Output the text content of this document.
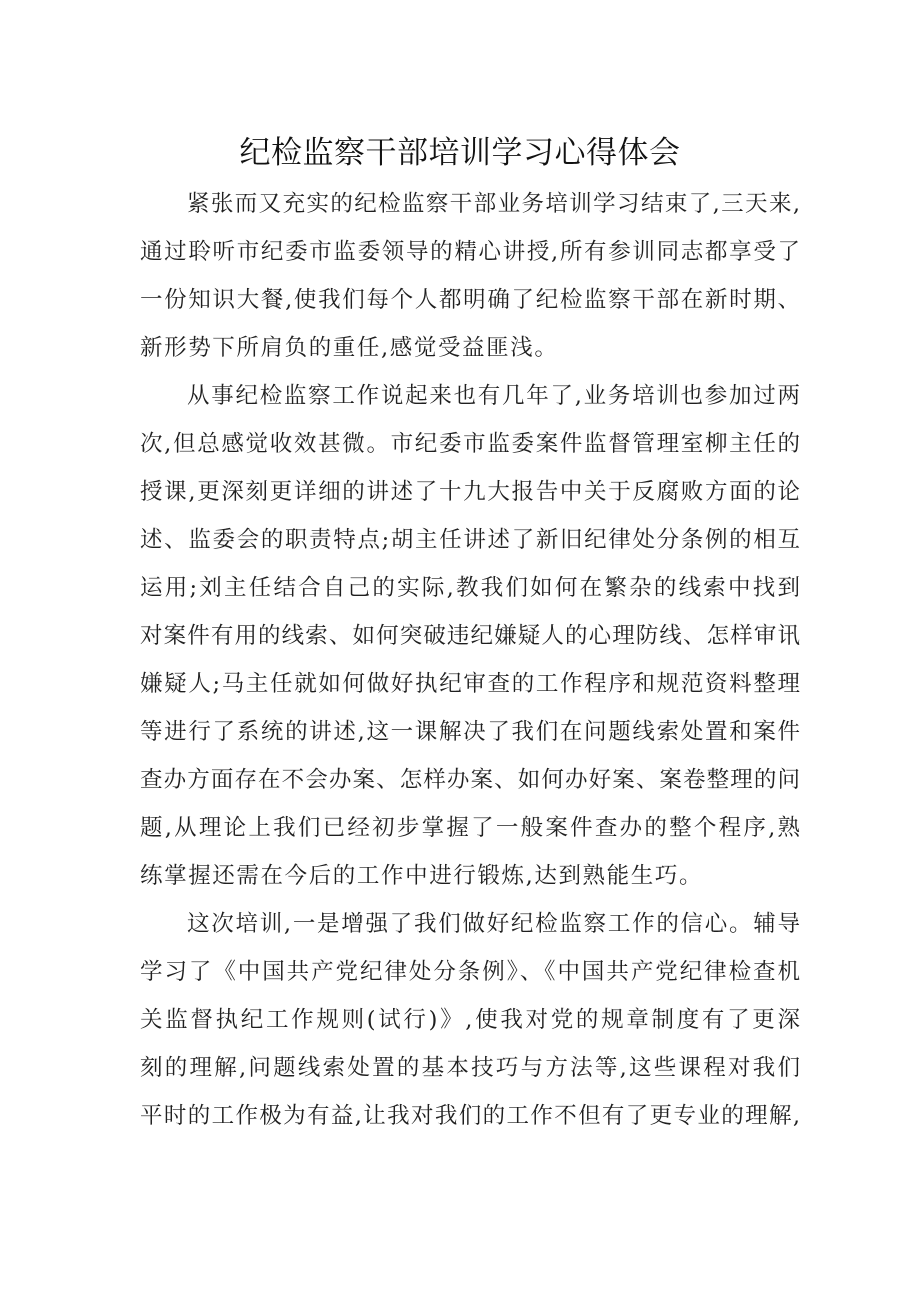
纪检监察干部培训学习心得体会

紧张而又充实的纪检监察干部业务培训学习结束了,三天来,

通过聆听市纪委市监委领导的精心讲授,所有参训同志都享受了

一份知识大餐,使我们每个人都明确了纪检监察干部在新时期、

新形势下所肩负的重任,感觉受益匪浅。

从事纪检监察工作说起来也有几年了,业务培训也参加过两

次,但总感觉收效甚微。市纪委市监委案件监督管理室柳主任的

授课,更深刻更详细的讲述了十九大报告中关于反腐败方面的论

述、监委会的职责特点;胡主任讲述了新旧纪律处分条例的相互

运用;刘主任结合自己的实际,教我们如何在繁杂的线索中找到

对案件有用的线索、如何突破违纪嫌疑人的心理防线、怎样审讯

嫌疑人;马主任就如何做好执纪审查的工作程序和规范资料整理

等进行了系统的讲述,这一课解决了我们在问题线索处置和案件

查办方面存在不会办案、怎样办案、如何办好案、案卷整理的问

题,从理论上我们已经初步掌握了一般案件查办的整个程序,熟

练掌握还需在今后的工作中进行锻炼,达到熟能生巧。

这次培训,一是增强了我们做好纪检监察工作的信心。辅导

学习了《中国共产党纪律处分条例》、《中国共产党纪律检查机

关监督执纪工作规则(试行)》,使我对党的规章制度有了更深

刻的理解,问题线索处置的基本技巧与方法等,这些课程对我们

平时的工作极为有益,让我对我们的工作不但有了更专业的理解,
